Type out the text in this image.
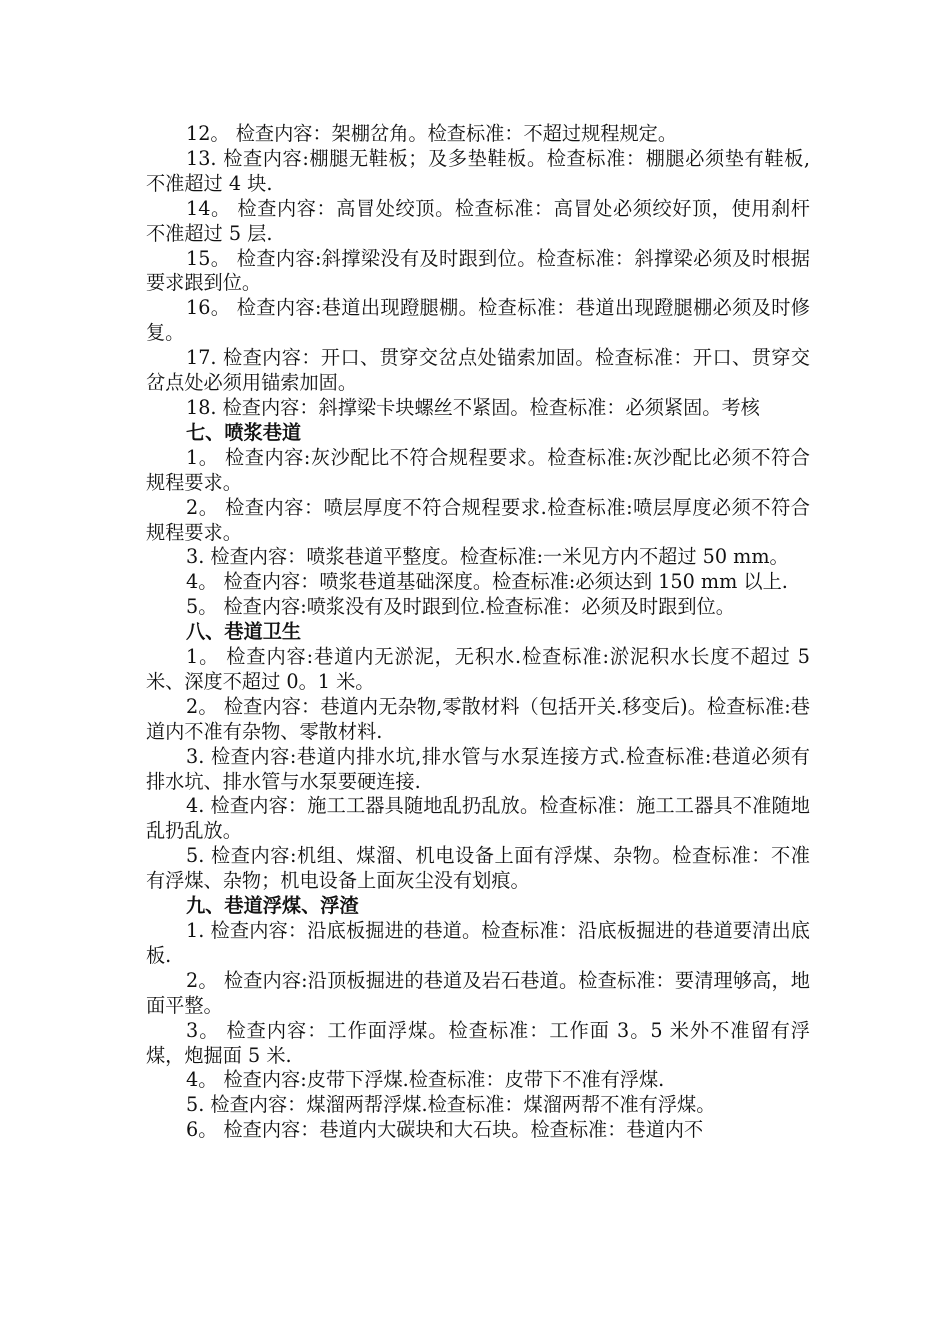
12。 检查内容：架棚岔角。检查标准：不超过规程规定。

13. 检查内容:棚腿无鞋板；及多垫鞋板。检查标准：棚腿必须垫有鞋板,不准超过 4 块.

14。 检查内容：高冒处绞顶。检查标准：高冒处必须绞好顶，使用刹杆不准超过 5 层.

15。 检查内容:斜撑梁没有及时跟到位。检查标准：斜撑梁必须及时根据要求跟到位。

16。 检查内容:巷道出现蹬腿棚。检查标准：巷道出现蹬腿棚必须及时修复。

17. 检查内容：开口、贯穿交岔点处锚索加固。检查标准：开口、贯穿交岔点处必须用锚索加固。

18. 检查内容：斜撑梁卡块螺丝不紧固。检查标准：必须紧固。考核

七、喷浆巷道

1。 检查内容:灰沙配比不符合规程要求。检查标准:灰沙配比必须不符合规程要求。

2。 检查内容：喷层厚度不符合规程要求.检查标准:喷层厚度必须不符合规程要求。

3. 检查内容：喷浆巷道平整度。检查标准:一米见方内不超过 50 mm。

4。 检查内容：喷浆巷道基础深度。检查标准:必须达到 150 mm 以上.

5。 检查内容:喷浆没有及时跟到位.检查标准：必须及时跟到位。

八、巷道卫生

1。 检查内容:巷道内无淤泥，无积水.检查标准:淤泥积水长度不超过 5 米、深度不超过 0。1 米。

2。 检查内容：巷道内无杂物,零散材料（包括开关.移变后)。检查标准:巷道内不准有杂物、零散材料.

3. 检查内容:巷道内排水坑,排水管与水泵连接方式.检查标准:巷道必须有排水坑、排水管与水泵要硬连接.

4. 检查内容：施工工器具随地乱扔乱放。检查标准：施工工器具不准随地乱扔乱放。

5. 检查内容:机组、煤溜、机电设备上面有浮煤、杂物。检查标准：不准有浮煤、杂物；机电设备上面灰尘没有划痕。

九、巷道浮煤、浮渣

1. 检查内容：沿底板掘进的巷道。检查标准：沿底板掘进的巷道要清出底板.

2。 检查内容:沿顶板掘进的巷道及岩石巷道。检查标准：要清理够高，地面平整。

3。 检查内容：工作面浮煤。检查标准：工作面 3。5 米外不准留有浮煤，炮掘面 5 米.

4。 检查内容:皮带下浮煤.检查标准：皮带下不准有浮煤.

5. 检查内容：煤溜两帮浮煤.检查标准：煤溜两帮不准有浮煤。

6。 检查内容：巷道内大碳块和大石块。检查标准：巷道内不
